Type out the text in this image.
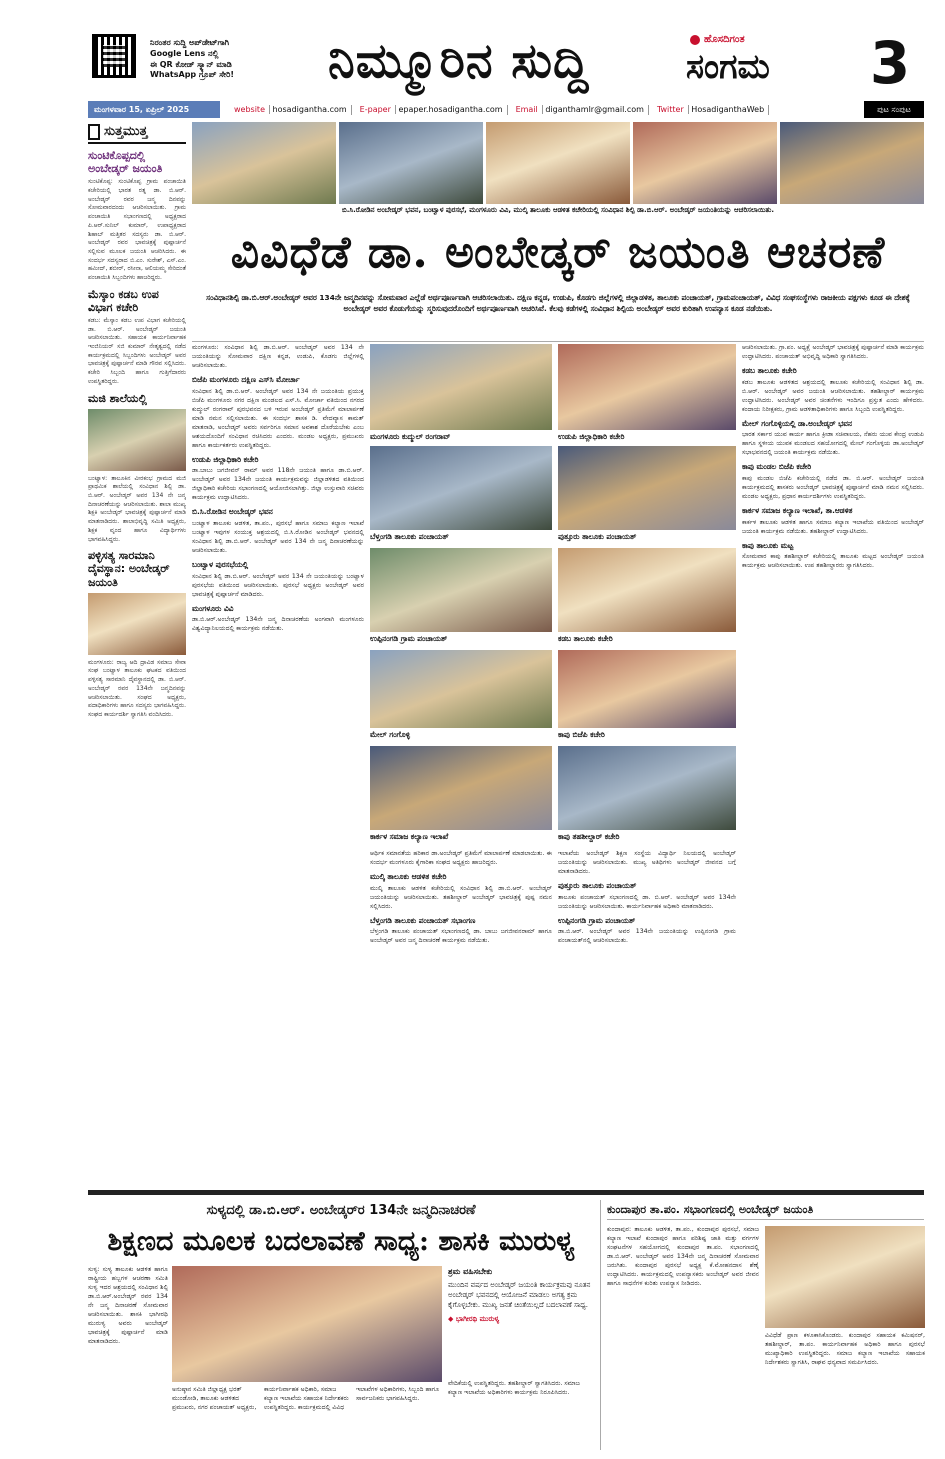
ನಿರಂತರ ಸುದ್ದಿ ಅಪ್‌ಡೇಟ್‌ಗಾಗಿ
Google Lens ನಲ್ಲಿ
ಈ QR ಕೋಡ್ ಸ್ಕ್ಯಾನ್ ಮಾಡಿ
WhatsApp ಗ್ರೂಪ್ ಸೇರಿ!	ನಿಮ್ಮೂರಿನ ಸುದ್ದಿ	ಹೊಸದಿಗಂತ
ಸಂಗಮ 3
ಮಂಗಳವಾರ 15, ಏಪ್ರಿಲ್ 2025	website hosadigantha.com	E-paper epaper.hosadigantha.com	Email diganthamlr@gmail.com	Twitter HosadiganthaWeb	ಪುಟ ಸಂಪುಟ
ಸುತ್ತಮುತ್ತ
ಸುಂಟಿಕೊಪ್ಪದಲ್ಲಿ ಅಂಬೇಡ್ಕರ್ ಜಯಂತಿ
ಸುಂಟಿಕೊಪ್ಪ: ಸುಂಟಿಕೊಪ್ಪ ಗ್ರಾಮ ಪಂಚಾಯಿತಿ ಕಚೇರಿಯಲ್ಲಿ ಭಾರತ ರತ್ನ ಡಾ. ಬಿ.ಆರ್. ಅಂಬೇಡ್ಕರ್ ರವರ ಜನ್ಮ ದಿನವನ್ನು ಸೋಮವಾರದಂದು ಆಚರಿಸಲಾಯಿತು. ಗ್ರಾಮ ಪಂಚಾಯಿತಿ ಸಭಾಂಗಣದಲ್ಲಿ ಅಧ್ಯಕ್ಷರಾದ ಪಿ.ಆರ್.ಸುನಿಲ್ ಕುಮಾರ್, ಉಪಾಧ್ಯಕ್ಷರಾದ ಶಿಹಾಬ್ ಮತ್ತಿತರ ಸದಸ್ಯರು ಡಾ. ಬಿ.ಆರ್. ಅಂಬೇಡ್ಕರ್ ರವರ ಭಾವಚಿತ್ರಕ್ಕೆ ಪುಷ್ಪಾರ್ಚನೆ ಸಲ್ಲಿಸುವ ಮೂಲಕ ಜಯಂತಿ ಆಚರಿಸಿದರು. ಈ ಸಂದರ್ಭ ಸದಸ್ಯರಾದ ಬಿ.ಎಂ. ಸುರೇಶ್, ಎಸ್.ಎಂ. ಹಮೀದ್, ಶಬೀರ್, ರಸೀನಾ, ಆಲಿಯಮ್ಮ ಸೇರಿದಂತೆ ಪಂಚಾಯಿತಿ ಸಿಬ್ಬಂದಿಗಳು ಹಾಜರಿದ್ದರು.
ಮೆಸ್ಕಾಂ ಕಡಬ ಉಪ ವಿಭಾಗ ಕಚೇರಿ
ಕಡಬ: ಮೆಸ್ಕಾಂ ಕಡಬ ಉಪ ವಿಭಾಗ ಕಚೇರಿಯಲ್ಲಿ ಡಾ. ಬಿ.ಆರ್. ಅಂಬೇಡ್ಕರ್ ಜಯಂತಿ ಆಚರಿಸಲಾಯಿತು. ಸಹಾಯಕ ಕಾರ್ಯನಿರ್ವಾಹಕ ಇಂಜಿನಿಯರ್ ಸಜಿ ಕುಮಾರ್ ನೇತೃತ್ವದಲ್ಲಿ ನಡೆದ ಕಾರ್ಯಕ್ರಮದಲ್ಲಿ ಸಿಬ್ಬಂದಿಗಳು ಅಂಬೇಡ್ಕರ್ ಅವರ ಭಾವಚಿತ್ರಕ್ಕೆ ಪುಷ್ಪಾರ್ಚನೆ ಮಾಡಿ ಗೌರವ ಸಲ್ಲಿಸಿದರು. ಕಚೇರಿ ಸಿಬ್ಬಂದಿ ಹಾಗೂ ಗುತ್ತಿಗೆದಾರರು ಉಪಸ್ಥಿತರಿದ್ದರು.
ಮಜಿ ಶಾಲೆಯಲ್ಲಿ
ಬಂಟ್ವಾಳ: ತಾಲೂಕಿನ ವೀರಕಂಭ ಗ್ರಾಮದ ಮಜಿ ಪ್ರಾಥಮಿಕ ಶಾಲೆಯಲ್ಲಿ ಸಂವಿಧಾನ ಶಿಲ್ಪಿ ಡಾ. ಬಿ.ಆರ್. ಅಂಬೇಡ್ಕರ್ ಅವರ 134 ನೇ ಜನ್ಮ ದಿನಾಚರಣೆಯನ್ನು ಆಚರಿಸಲಾಯಿತು. ಶಾಲಾ ಮುಖ್ಯ ಶಿಕ್ಷಕಿ ಅಂಬೇಡ್ಕರ್ ಭಾವಚಿತ್ರಕ್ಕೆ ಪುಷ್ಪಾರ್ಚನೆ ಮಾಡಿ ಮಾತನಾಡಿದರು. ಶಾಲಾಭಿವೃದ್ಧಿ ಸಮಿತಿ ಅಧ್ಯಕ್ಷರು, ಶಿಕ್ಷಕ ವೃಂದ ಹಾಗೂ ವಿದ್ಯಾರ್ಥಿಗಳು ಭಾಗವಹಿಸಿದ್ದರು.
ಪಳ್ಳಿಸತ್ಯ ಸಾರಮಾನಿ ದೈವಸ್ಥಾನ: ಅಂಬೇಡ್ಕರ್ ಜಯಂತಿ
ಮಂಗಳೂರು: ರಾಜ್ಯ ಆದಿ ದ್ರಾವಿಡ ಸಮಾಜ ಸೇವಾ ಸಂಘ ಬಂಟ್ವಾಳ ತಾಲೂಕು ಘಟಕದ ವತಿಯಿಂದ ಪಳ್ಳಿಸತ್ಯ ಸಾರಮಾನಿ ದೈವಸ್ಥಾನದಲ್ಲಿ ಡಾ. ಬಿ.ಆರ್. ಅಂಬೇಡ್ಕರ್ ರವರ 134ನೇ ಜನ್ಮದಿನವನ್ನು ಆಚರಿಸಲಾಯಿತು. ಸಂಘದ ಅಧ್ಯಕ್ಷರು, ಪದಾಧಿಕಾರಿಗಳು ಹಾಗೂ ಸದಸ್ಯರು ಭಾಗವಹಿಸಿದ್ದರು. ಸಂಘದ ಕಾರ್ಯದರ್ಶಿ ಸ್ವಾಗತಿಸಿ ವಂದಿಸಿದರು.
ಬಿ.ಸಿ.ರೋಡಿನ ಅಂಬೇಡ್ಕರ್ ಭವನ, ಬಂಟ್ವಾಳ ಪುರಸಭೆ, ಮಂಗಳೂರು ವಿವಿ, ಮುಲ್ಕಿ ತಾಲೂಕು ಆಡಳಿತ ಕಚೇರಿಯಲ್ಲಿ ಸಂವಿಧಾನ ಶಿಲ್ಪಿ ಡಾ.ಬಿ.ಆರ್. ಅಂಬೇಡ್ಕರ್ ಜಯಂತಿಯನ್ನು ಆಚರಿಸಲಾಯಿತು.
ವಿವಿಧೆಡೆ ಡಾ. ಅಂಬೇಡ್ಕರ್ ಜಯಂತಿ ಆಚರಣೆ
ಸಂವಿಧಾನಶಿಲ್ಪಿ ಡಾ.ಬಿ.ಆರ್.ಅಂಬೇಡ್ಕರ್ ಅವರ 134ನೇ ಜನ್ಮದಿನವನ್ನು ಸೋಮವಾರ ಎಲ್ಲೆಡೆ ಅರ್ಥಪೂರ್ಣವಾಗಿ ಆಚರಿಸಲಾಯಿತು. ದಕ್ಷಿಣ ಕನ್ನಡ, ಉಡುಪಿ, ಕೊಡಗು ಜಿಲ್ಲೆಗಳಲ್ಲಿ ಜಿಲ್ಲಾಡಳಿತ, ತಾಲೂಕು ಪಂಚಾಯತ್, ಗ್ರಾಮಪಂಚಾಯತ್, ವಿವಿಧ ಸಂಘಸಂಸ್ಥೆಗಳು ರಾಜಕೀಯ ಪಕ್ಷಗಳು ಕೂಡ ಈ ದೇಶಕ್ಕೆ ಅಂಬೇಡ್ಕರ್ ಅವರ ಕೊಡುಗೆಯನ್ನು ಸ್ಮರಿಸುವುದರೊಂದಿಗೆ ಅರ್ಥಪೂರ್ಣವಾಗಿ ಆಚರಿಸಿವೆ. ಕೆಲವು ಕಡೆಗಳಲ್ಲಿ ಸಂವಿಧಾನ ಶಿಲ್ಪಿಯ ಅಂಬೇಡ್ಕರ್ ಅವರ ಕುರಿತಾಗಿ ಉಪನ್ಯಾಸ ಕೂಡ ನಡೆಯಿತು.

ಮಂಗಳೂರು: ಸಂವಿಧಾನ ಶಿಲ್ಪಿ ಡಾ.ಬಿ.ಆರ್. ಅಂಬೇಡ್ಕರ್ ಅವರ 134 ನೇ ಜಯಂತಿಯನ್ನು ಸೋಮವಾರ ದಕ್ಷಿಣ ಕನ್ನಡ, ಉಡುಪಿ, ಕೊಡಗು ಜಿಲ್ಲೆಗಳಲ್ಲಿ ಆಚರಿಸಲಾಯಿತು.

ಬಿಜೆಪಿ ಮಂಗಳೂರು ದಕ್ಷಿಣ ಎಸ್‌ಸಿ ಮೋರ್ಚಾ

ಸಂವಿಧಾನ ಶಿಲ್ಪಿ ಡಾ.ಬಿ.ಆರ್. ಅಂಬೇಡ್ಕರ್ ಅವರ 134 ನೇ ಜಯಂತಿಯ ಪ್ರಯುಕ್ತ ಬಿಜೆಪಿ ಮಂಗಳೂರು ನಗರ ದಕ್ಷಿಣ ಮಂಡಲದ ಎಸ್.ಸಿ. ಮೋರ್ಚಾ ವತಿಯಿಂದ ನಗರದ ಕುದ್ಮುಲ್ ರಂಗರಾವ್ ಪುರಭವನದ ಬಳಿ ಇರುವ ಅಂಬೇಡ್ಕರ್ ಪ್ರತಿಮೆಗೆ ಮಾಲಾರ್ಪಣೆ ಮಾಡಿ ನಮನ ಸಲ್ಲಿಸಲಾಯಿತು. ಈ ಸಂದರ್ಭ ಶಾಸಕ ಡಿ. ವೇದವ್ಯಾಸ ಕಾಮತ್ ಮಾತನಾಡಿ, ಅಂಬೇಡ್ಕರ್ ಅವರು ಸರ್ವರಿಗೂ ಸಮಾನ ಅವಕಾಶ ದೊರೆಯಬೇಕು ಎಂಬ ಆಶಯದೊಂದಿಗೆ ಸಂವಿಧಾನ ರಚಿಸಿದರು ಎಂದರು. ಮಂಡಲ ಅಧ್ಯಕ್ಷರು, ಪ್ರಮುಖರು ಹಾಗೂ ಕಾರ್ಯಕರ್ತರು ಉಪಸ್ಥಿತರಿದ್ದರು.

ಉಡುಪಿ ಜಿಲ್ಲಾಧಿಕಾರಿ ಕಚೇರಿ

ಡಾ.ಬಾಬು ಜಗಜೀವನ್ ರಾಮ್ ಅವರ 118ನೇ ಜಯಂತಿ ಹಾಗೂ ಡಾ.ಬಿ.ಆರ್. ಅಂಬೇಡ್ಕರ್ ಅವರ 134ನೇ ಜಯಂತಿ ಕಾರ್ಯಕ್ರಮವನ್ನು ಜಿಲ್ಲಾಡಳಿತದ ವತಿಯಿಂದ ಜಿಲ್ಲಾಧಿಕಾರಿ ಕಚೇರಿಯ ಸಭಾಂಗಣದಲ್ಲಿ ಆಯೋಜಿಸಲಾಗಿತ್ತು. ಜಿಲ್ಲಾ ಉಸ್ತುವಾರಿ ಸಚಿವರು ಕಾರ್ಯಕ್ರಮ ಉದ್ಘಾಟಿಸಿದರು.

ಬಿ.ಸಿ.ರೋಡಿನ ಅಂಬೇಡ್ಕರ್ ಭವನ

ಬಂಟ್ವಾಳ ತಾಲೂಕು ಆಡಳಿತ, ತಾ.ಪಂ., ಪುರಸಭೆ ಹಾಗೂ ಸಮಾಜ ಕಲ್ಯಾಣ ಇಲಾಖೆ ಬಂಟ್ವಾಳ ಇವುಗಳ ಸಂಯುಕ್ತ ಆಶ್ರಯದಲ್ಲಿ ಬಿ.ಸಿ.ರೋಡಿನ ಅಂಬೇಡ್ಕರ್ ಭವನದಲ್ಲಿ ಸಂವಿಧಾನ ಶಿಲ್ಪಿ ಡಾ.ಬಿ.ಆರ್. ಅಂಬೇಡ್ಕರ್ ಅವರ 134 ನೇ ಜನ್ಮ ದಿನಾಚರಣೆಯನ್ನು ಆಚರಿಸಲಾಯಿತು.

ಬಂಟ್ವಾಳ ಪುರಸಭೆಯಲ್ಲಿ

ಸಂವಿಧಾನ ಶಿಲ್ಪಿ ಡಾ.ಬಿ.ಆರ್. ಅಂಬೇಡ್ಕರ್ ಅವರ 134 ನೇ ಜಯಂತಿಯನ್ನು ಬಂಟ್ವಾಳ ಪುರಸಭೆಯ ವತಿಯಿಂದ ಆಚರಿಸಲಾಯಿತು. ಪುರಸಭೆ ಅಧ್ಯಕ್ಷರು ಅಂಬೇಡ್ಕರ್ ಅವರ ಭಾವಚಿತ್ರಕ್ಕೆ ಪುಷ್ಪಾರ್ಚನೆ ಮಾಡಿದರು.

ಮಂಗಳೂರು ವಿವಿ

ಡಾ.ಬಿ.ಆರ್.ಅಂಬೇಡ್ಕರ್ 134ನೇ ಜನ್ಮ ದಿನಾಚರಣೆಯ ಅಂಗವಾಗಿ ಮಂಗಳೂರು ವಿಶ್ವವಿದ್ಯಾನಿಲಯದಲ್ಲಿ ಕಾರ್ಯಕ್ರಮ ನಡೆಯಿತು.

ಮಂಗಳೂರು ಕುದ್ಮುಲ್ ರಂಗರಾವ್	ಉಡುಪಿ ಜಿಲ್ಲಾಧಿಕಾರಿ ಕಚೇರಿ
ಬೆಳ್ತಂಗಡಿ ತಾಲೂಕು ಪಂಚಾಯತ್	ಪುತ್ತೂರು ತಾಲೂಕು ಪಂಚಾಯತ್
ಉಪ್ಪಿನಂಗಡಿ ಗ್ರಾಮ ಪಂಚಾಯತ್	ಕಡಬ ತಾಲೂಕು ಕಚೇರಿ
ಮೇಲ್ ಗಂಗೊಳ್ಳಿ	ಕಾಪು ಬಿಜೆಪಿ ಕಚೇರಿ
ಕಾರ್ಕಳ ಸಮಾಜ ಕಲ್ಯಾಣ ಇಲಾಖೆ	ಕಾಪು ತಹಶೀಲ್ದಾರ್ ಕಚೇರಿ

ಆರ್ಥಿಕ ಸಮಾನತೆಯ ಹರಿಕಾರ ಡಾ.ಅಂಬೇಡ್ಕರ್ ಪ್ರತಿಮೆಗೆ ಮಾಲಾರ್ಪಣೆ ಮಾಡಲಾಯಿತು. ಈ ಸಂದರ್ಭ ಮಂಗಳೂರು ಕೈಗಾರಿಕಾ ಸಂಘದ ಅಧ್ಯಕ್ಷರು ಹಾಜರಿದ್ದರು.

ಮುಲ್ಕಿ ತಾಲೂಕು ಆಡಳಿತ ಕಚೇರಿ

ಮುಲ್ಕಿ ತಾಲೂಕು ಆಡಳಿತ ಕಚೇರಿಯಲ್ಲಿ ಸಂವಿಧಾನ ಶಿಲ್ಪಿ ಡಾ.ಬಿ.ಆರ್. ಅಂಬೇಡ್ಕರ್ ಜಯಂತಿಯನ್ನು ಆಚರಿಸಲಾಯಿತು. ತಹಶೀಲ್ದಾರ್ ಅಂಬೇಡ್ಕರ್ ಭಾವಚಿತ್ರಕ್ಕೆ ಪುಷ್ಪ ನಮನ ಸಲ್ಲಿಸಿದರು.

ಬೆಳ್ತಂಗಡಿ ತಾಲೂಕು ಪಂಚಾಯತ್ ಸಭಾಂಗಣ

ಬೆಳ್ತಂಗಡಿ ತಾಲೂಕು ಪಂಚಾಯತ್ ಸಭಾಂಗಣದಲ್ಲಿ ಡಾ. ಬಾಬು ಜಗಜೀವನರಾಮ್ ಹಾಗೂ ಅಂಬೇಡ್ಕರ್ ಅವರ ಜನ್ಮ ದಿನಾಚರಣೆ ಕಾರ್ಯಕ್ರಮ ನಡೆಯಿತು.

ಇಲಾಖೆಯ ಅಂಬೇಡ್ಕರ್ ಶಿಕ್ಷಣ ಸಂಸ್ಥೆಯ ವಿದ್ಯಾರ್ಥಿ ನಿಲಯದಲ್ಲಿ ಅಂಬೇಡ್ಕರ್ ಜಯಂತಿಯನ್ನು ಆಚರಿಸಲಾಯಿತು. ಮುಖ್ಯ ಅತಿಥಿಗಳು ಅಂಬೇಡ್ಕರ್ ಜೀವನದ ಬಗ್ಗೆ ಮಾತನಾಡಿದರು.

ಪುತ್ತೂರು ತಾಲೂಕು ಪಂಚಾಯತ್

ತಾಲೂಕು ಪಂಚಾಯತ್ ಸಭಾಂಗಣದಲ್ಲಿ ಡಾ. ಬಿ.ಆರ್. ಅಂಬೇಡ್ಕರ್ ಅವರ 134ನೇ ಜಯಂತಿಯನ್ನು ಆಚರಿಸಲಾಯಿತು. ಕಾರ್ಯನಿರ್ವಾಹಕ ಅಧಿಕಾರಿ ಮಾತನಾಡಿದರು.

ಉಪ್ಪಿನಂಗಡಿ ಗ್ರಾಮ ಪಂಚಾಯತ್

ಡಾ.ಬಿ.ಆರ್. ಅಂಬೇಡ್ಕರ್ ಅವರ 134ನೇ ಜಯಂತಿಯನ್ನು ಉಪ್ಪಿನಂಗಡಿ ಗ್ರಾಮ ಪಂಚಾಯತ್‌ನಲ್ಲಿ ಆಚರಿಸಲಾಯಿತು.

ಆಚರಿಸಲಾಯಿತು. ಗ್ರಾ.ಪಂ. ಅಧ್ಯಕ್ಷೆ ಅಂಬೇಡ್ಕರ್ ಭಾವಚಿತ್ರಕ್ಕೆ ಪುಷ್ಪಾರ್ಚನೆ ಮಾಡಿ ಕಾರ್ಯಕ್ರಮ ಉದ್ಘಾಟಿಸಿದರು. ಪಂಚಾಯತ್ ಅಭಿವೃದ್ಧಿ ಅಧಿಕಾರಿ ಸ್ವಾಗತಿಸಿದರು.

ಕಡಬ ತಾಲೂಕು ಕಚೇರಿ

ಕಡಬ ತಾಲೂಕು ಆಡಳಿತದ ಆಶ್ರಯದಲ್ಲಿ ತಾಲೂಕು ಕಚೇರಿಯಲ್ಲಿ ಸಂವಿಧಾನ ಶಿಲ್ಪಿ ಡಾ. ಬಿ.ಆರ್. ಅಂಬೇಡ್ಕರ್ ಅವರ ಜಯಂತಿ ಆಚರಿಸಲಾಯಿತು. ತಹಶೀಲ್ದಾರ್ ಕಾರ್ಯಕ್ರಮ ಉದ್ಘಾಟಿಸಿದರು. ಅಂಬೇಡ್ಕರ್ ಅವರ ಚಿಂತನೆಗಳು ಇಂದಿಗೂ ಪ್ರಸ್ತುತ ಎಂದು ಹೇಳಿದರು. ಕಂದಾಯ ನಿರೀಕ್ಷಕರು, ಗ್ರಾಮ ಆಡಳಿತಾಧಿಕಾರಿಗಳು ಹಾಗೂ ಸಿಬ್ಬಂದಿ ಉಪಸ್ಥಿತರಿದ್ದರು.

ಮೇಲ್ ಗಂಗೊಳ್ಳಿಯಲ್ಲಿ ಡಾ.ಅಂಬೇಡ್ಕರ್ ಭವನ

ಭಾರತ ಸರ್ಕಾರ ಯುವ ಕಾರ್ಯ ಹಾಗೂ ಕ್ರೀಡಾ ಸಚಿವಾಲಯ, ನೆಹರು ಯುವ ಕೇಂದ್ರ ಉಡುಪಿ ಹಾಗೂ ಸ್ಥಳೀಯ ಯುವಕ ಮಂಡಲದ ಸಹಯೋಗದಲ್ಲಿ ಮೇಲ್ ಗಂಗೊಳ್ಳಿಯ ಡಾ.ಅಂಬೇಡ್ಕರ್ ಸಭಾಭವನದಲ್ಲಿ ಜಯಂತಿ ಕಾರ್ಯಕ್ರಮ ನಡೆಯಿತು.

ಕಾಪು ಮಂಡಲ ಬಿಜೆಪಿ ಕಚೇರಿ

ಕಾಪು ಮಂಡಲ ಬಿಜೆಪಿ ಕಚೇರಿಯಲ್ಲಿ ನಡೆದ ಡಾ. ಬಿ.ಆರ್. ಅಂಬೇಡ್ಕರ್ ಜಯಂತಿ ಕಾರ್ಯಕ್ರಮದಲ್ಲಿ ಶಾಸಕರು ಅಂಬೇಡ್ಕರ್ ಭಾವಚಿತ್ರಕ್ಕೆ ಪುಷ್ಪಾರ್ಚನೆ ಮಾಡಿ ನಮನ ಸಲ್ಲಿಸಿದರು. ಮಂಡಲ ಅಧ್ಯಕ್ಷರು, ಪ್ರಧಾನ ಕಾರ್ಯದರ್ಶಿಗಳು ಉಪಸ್ಥಿತರಿದ್ದರು.

ಕಾರ್ಕಳ ಸಮಾಜ ಕಲ್ಯಾಣ ಇಲಾಖೆ, ತಾ.ಆಡಳಿತ

ಕಾರ್ಕಳ ತಾಲೂಕು ಆಡಳಿತ ಹಾಗೂ ಸಮಾಜ ಕಲ್ಯಾಣ ಇಲಾಖೆಯ ವತಿಯಿಂದ ಅಂಬೇಡ್ಕರ್ ಜಯಂತಿ ಕಾರ್ಯಕ್ರಮ ನಡೆಯಿತು. ತಹಶೀಲ್ದಾರ್ ಉದ್ಘಾಟಿಸಿದರು.

ಕಾಪು ತಾಲೂಕು ಮಟ್ಟ

ಸೋಮವಾರ ಕಾಪು ತಹಶೀಲ್ದಾರ್ ಕಚೇರಿಯಲ್ಲಿ ತಾಲೂಕು ಮಟ್ಟದ ಅಂಬೇಡ್ಕರ್ ಜಯಂತಿ ಕಾರ್ಯಕ್ರಮ ಆಚರಿಸಲಾಯಿತು. ಉಪ ತಹಶೀಲ್ದಾರರು ಸ್ವಾಗತಿಸಿದರು.

ಸುಳ್ಯದಲ್ಲಿ ಡಾ.ಬಿ.ಆರ್. ಅಂಬೇಡ್ಕರ್‌ರ 134ನೇ ಜನ್ಮದಿನಾಚರಣೆ
ಶಿಕ್ಷಣದ ಮೂಲಕ ಬದಲಾವಣೆ ಸಾಧ್ಯ: ಶಾಸಕಿ ಮುರುಳ್ಯ
ಸುಳ್ಯ: ಸುಳ್ಯ ತಾಲೂಕು ಆಡಳಿತ ಹಾಗೂ ರಾಷ್ಟ್ರೀಯ ಹಬ್ಬಗಳ ಆಚರಣಾ ಸಮಿತಿ ಸುಳ್ಯ ಇದರ ಆಶ್ರಯದಲ್ಲಿ ಸಂವಿಧಾನ ಶಿಲ್ಪಿ ಡಾ.ಬಿ.ಆರ್.ಅಂಬೇಡ್ಕರ್ ರವರ 134 ನೇ ಜನ್ಮ ದಿನಾಚರಣೆ ಸೋಮವಾರ ಆಚರಿಸಲಾಯಿತು. ಶಾಸಕಿ ಭಾಗೀರಥಿ ಮುರುಳ್ಯ ಅವರು ಅಂಬೇಡ್ಕರ್ ಭಾವಚಿತ್ರಕ್ಕೆ ಪುಷ್ಪಾರ್ಚನೆ ಮಾಡಿ ಮಾತನಾಡಿದರು.
ಶ್ರಮ ವಹಿಸಬೇಕು
ಮುಂದಿನ ವರ್ಷದ ಅಂಬೇಡ್ಕರ್ ಜಯಂತಿ ಕಾರ್ಯಕ್ರಮವು ನೂತನ ಅಂಬೇಡ್ಕರ್ ಭವನದಲ್ಲಿ ಆಯೋಜನೆ ಮಾಡಲು ಅಗತ್ಯ ಕ್ರಮ ಕೈಗೊಳ್ಳಬೇಕು. ಮುಖ್ಯ ಜನತೆ ಚಿಂತೆಯಿಲ್ಲದೆ ಬದಲಾವಣೆ ಸಾಧ್ಯ.
◆ ಭಾಗೀರಥಿ ಮುರುಳ್ಯ
ಅನುಷ್ಠಾನ ಸಮಿತಿ ಜಿಲ್ಲಾಧ್ಯಕ್ಷ ಭರತ್ ಮುಂಡೋಡಿ, ತಾಲೂಕು ಆಡಳಿತದ ಪ್ರಮುಖರು, ನಗರ ಪಂಚಾಯತ್ ಅಧ್ಯಕ್ಷರು, ಕಾರ್ಯನಿರ್ವಾಹಕ ಅಧಿಕಾರಿ, ಸಮಾಜ ಕಲ್ಯಾಣ ಇಲಾಖೆಯ ಸಹಾಯಕ ನಿರ್ದೇಶಕರು ಉಪಸ್ಥಿತರಿದ್ದರು. ಕಾರ್ಯಕ್ರಮದಲ್ಲಿ ವಿವಿಧ ಇಲಾಖೆಗಳ ಅಧಿಕಾರಿಗಳು, ಸಿಬ್ಬಂದಿ ಹಾಗೂ ಸಾರ್ವಜನಿಕರು ಭಾಗವಹಿಸಿದ್ದರು.
ವೇದಿಕೆಯಲ್ಲಿ ಉಪಸ್ಥಿತರಿದ್ದರು. ತಹಶೀಲ್ದಾರ್ ಸ್ವಾಗತಿಸಿದರು. ಸಮಾಜ ಕಲ್ಯಾಣ ಇಲಾಖೆಯ ಅಧಿಕಾರಿಗಳು ಕಾರ್ಯಕ್ರಮ ನಿರೂಪಿಸಿದರು.
ಕುಂದಾಪುರ ತಾ.ಪಂ. ಸಭಾಂಗಣದಲ್ಲಿ ಅಂಬೇಡ್ಕರ್ ಜಯಂತಿ
ಕುಂದಾಪುರ: ತಾಲೂಕು ಆಡಳಿತ, ತಾ.ಪಂ., ಕುಂದಾಪುರ ಪುರಸಭೆ, ಸಮಾಜ ಕಲ್ಯಾಣ ಇಲಾಖೆ ಕುಂದಾಪುರ ಹಾಗೂ ಪರಿಶಿಷ್ಟ ಜಾತಿ ಮತ್ತು ವರ್ಗಗಳ ಸಂಘಟನೆಗಳ ಸಹಯೋಗದಲ್ಲಿ ಕುಂದಾಪುರ ತಾ.ಪಂ. ಸಭಾಂಗಣದಲ್ಲಿ ಡಾ.ಬಿ.ಆರ್. ಅಂಬೇಡ್ಕರ್ ಅವರ 134ನೇ ಜನ್ಮ ದಿನಾಚರಣೆ ಸೋಮವಾರ ಜರುಗಿತು. ಕುಂದಾಪುರ ಪುರಸಭೆ ಅಧ್ಯಕ್ಷ ಕೆ.ಮೋಹನದಾಸ ಶೆಣೈ ಉದ್ಘಾಟಿಸಿದರು. ಕಾರ್ಯಕ್ರಮದಲ್ಲಿ ಉಪನ್ಯಾಸಕರು ಅಂಬೇಡ್ಕರ್ ಅವರ ಜೀವನ ಹಾಗೂ ಸಾಧನೆಗಳ ಕುರಿತು ಉಪನ್ಯಾಸ ನೀಡಿದರು.
ವಿವಿಧೆಡೆ ಪ್ರಾಣ ಕಳೂಕಾಸಿಕೊಂಡರು. ಕುಂದಾಪುರ ಸಹಾಯಕ ಕಮಿಷನರ್, ತಹಶೀಲ್ದಾರ್, ತಾ.ಪಂ. ಕಾರ್ಯನಿರ್ವಾಹಕ ಅಧಿಕಾರಿ ಹಾಗೂ ಪುರಸಭೆ ಮುಖ್ಯಾಧಿಕಾರಿ ಉಪಸ್ಥಿತರಿದ್ದರು. ಸಮಾಜ ಕಲ್ಯಾಣ ಇಲಾಖೆಯ ಸಹಾಯಕ ನಿರ್ದೇಶಕರು ಸ್ವಾಗತಿಸಿ, ರಾಘವ ಧನ್ಯವಾದ ಸಮರ್ಪಿಸಿದರು.
